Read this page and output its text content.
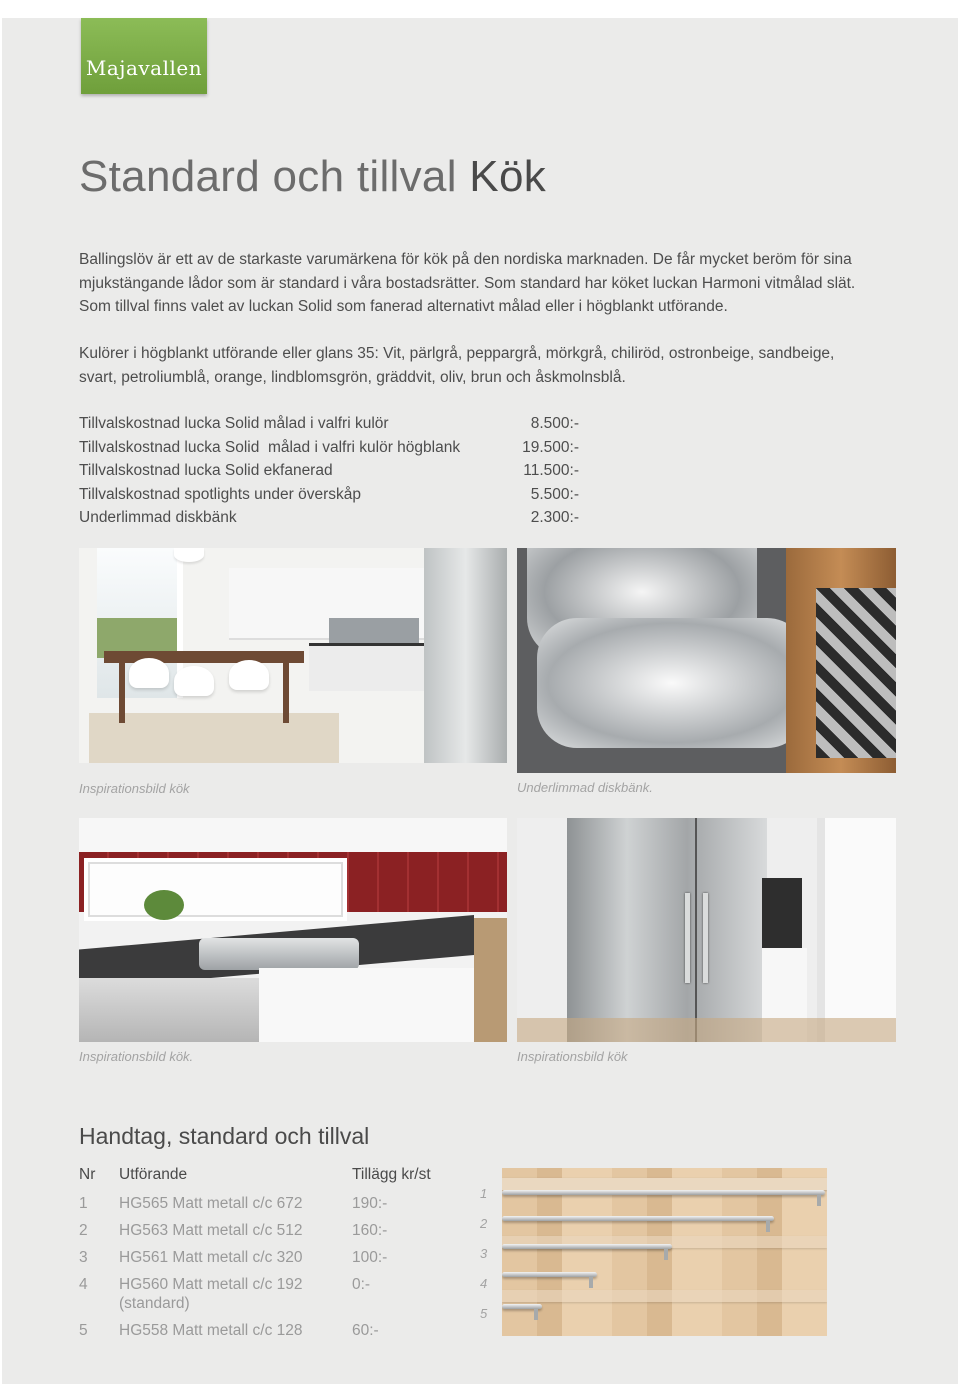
Majavallen
Standard och tillval Kök

Ballingslöv är ett av de starkaste varumärkena för kök på den nordiska marknaden. De får mycket beröm för sina mjukstängande lådor som är standard i våra bostadsrätter. Som standard har köket luckan Harmoni vitmålad slät. Som tillval finns valet av luckan Solid som fanerad alternativt målad eller i högblankt utförande.

Kulörer i högblankt utförande eller glans 35: Vit, pärlgrå, peppargrå, mörkgrå, chiliröd, ostronbeige, sandbeige, svart, petroliumblå, orange, lindblomsgrön, gräddvit, oliv, brun och åskmolnsblå.

Tillvalskostnad lucka Solid målad i valfri kulör	8.500:-
Tillvalskostnad lucka Solid  målad i valfri kulör högblank	19.500:-
Tillvalskostnad lucka Solid ekfanerad	11.500:-
Tillvalskostnad spotlights under överskåp	5.500:-
Underlimmad diskbänk	2.300:-
Inspirationsbild kök	Underlimmad diskbänk.
Inspirationsbild kök.	Inspirationsbild kök
Handtag, standard och tillval
Nr	Utförande	Tillägg kr/st
1	HG565 Matt metall c/c 672	190:-
2	HG563 Matt metall c/c 512	160:-
3	HG561 Matt metall c/c 320	100:-
4	HG560 Matt metall c/c 192 (standard)	0:-
5	HG558 Matt metall c/c 128	60:-
1
2
3
4
5
